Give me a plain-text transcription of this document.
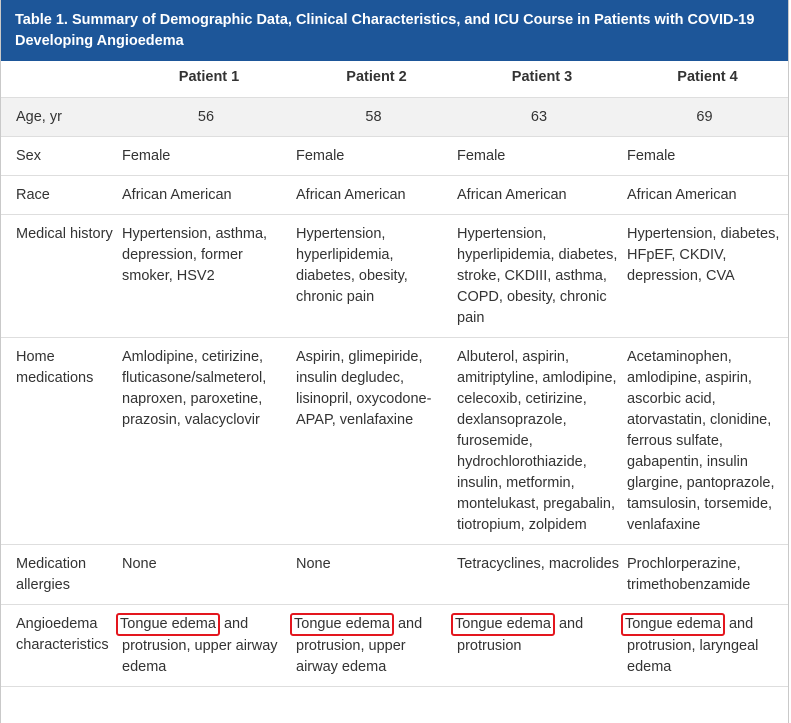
Table 1. Summary of Demographic Data, Clinical Characteristics, and ICU Course in Patients with COVID-19 Developing Angioedema
	Patient 1	Patient 2	Patient 3	Patient 4
Age, yr	56	58	63	69
Sex	Female	Female	Female	Female
Race	African American	African American	African American	African American
Medical history	Hypertension, asthma, depression, former smoker, HSV2	Hypertension, hyperlipidemia, diabetes, obesity, chronic pain	Hypertension, hyperlipidemia, diabetes, stroke, CKDIII, asthma, COPD, obesity, chronic pain	Hypertension, diabetes, HFpEF, CKDIV, depression, CVA
Home medications	Amlodipine, cetirizine, fluticasone/salmeterol, naproxen, paroxetine, prazosin, valacyclovir	Aspirin, glimepiride, insulin degludec, lisinopril, oxycodone-APAP, venlafaxine	Albuterol, aspirin, amitriptyline, amlodipine, celecoxib, cetirizine, dexlansoprazole, furosemide, hydrochlorothiazide, insulin, metformin, montelukast, pregabalin, tiotropium, zolpidem	Acetaminophen, amlodipine, aspirin, ascorbic acid, atorvastatin, clonidine, ferrous sulfate, gabapentin, insulin glargine, pantoprazole, tamsulosin, torsemide, venlafaxine
Medication allergies	None	None	Tetracyclines, macrolides	Prochlorperazine, trimethobenzamide
Angioedema characteristics	Tongue edema and protrusion, upper airway edema	Tongue edema and protrusion, upper airway edema	Tongue edema and protrusion	Tongue edema and protrusion, laryngeal edema
